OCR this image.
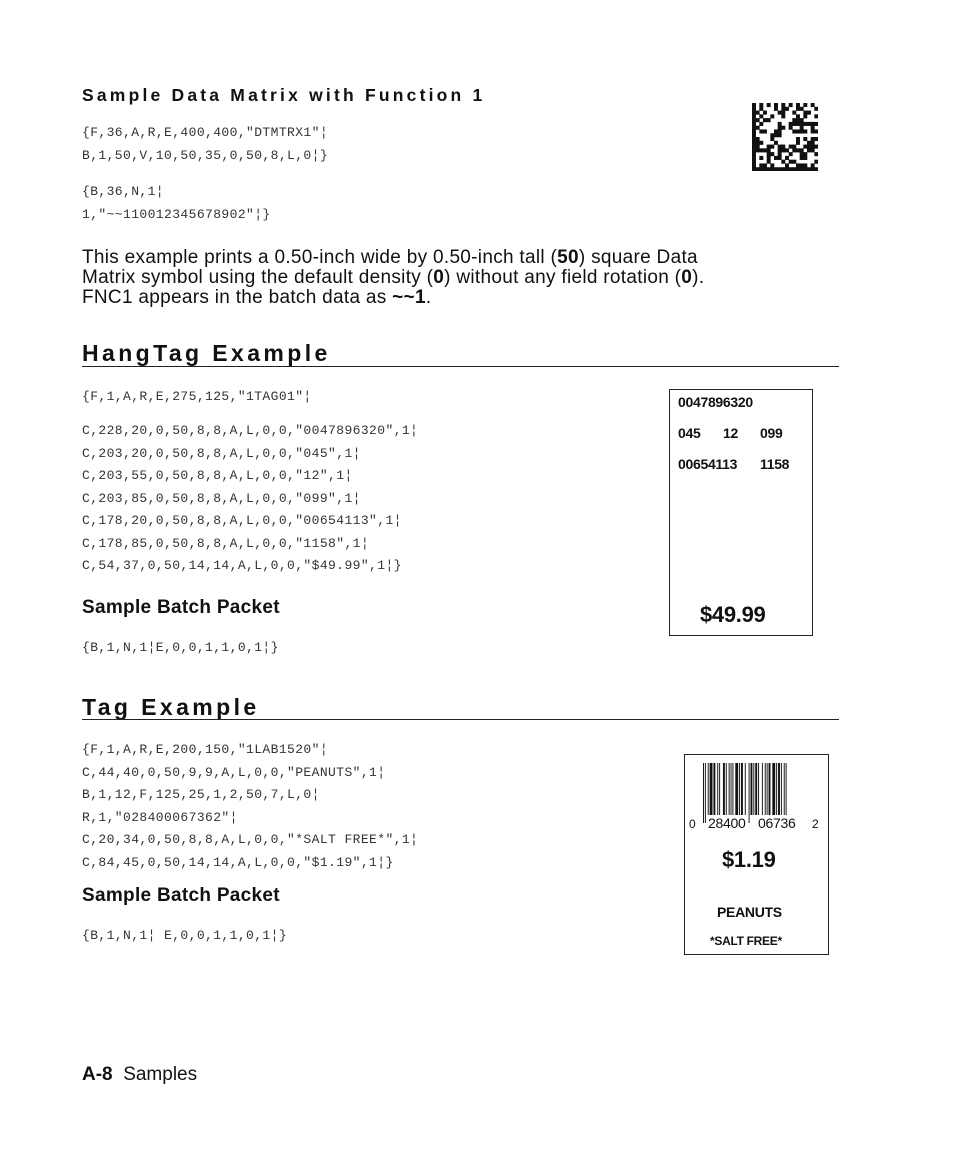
Sample Data Matrix with Function 1
{F,36,A,R,E,400,400,"DTMTRX1"¦
B,1,50,V,10,50,35,0,50,8,L,0¦}
{B,36,N,1¦
1,"~~110012345678902"¦}
This example prints a 0.50-inch wide by 0.50-inch tall (50) square Data
Matrix symbol using the default density (0) without any field rotation (0).
FNC1 appears in the batch data as ~~1.
HangTag Example
{F,1,A,R,E,275,125,"1TAG01"¦
C,228,20,0,50,8,8,A,L,0,0,"0047896320",1¦
C,203,20,0,50,8,8,A,L,0,0,"045",1¦
C,203,55,0,50,8,8,A,L,0,0,"12",1¦
C,203,85,0,50,8,8,A,L,0,0,"099",1¦
C,178,20,0,50,8,8,A,L,0,0,"00654113",1¦
C,178,85,0,50,8,8,A,L,0,0,"1158",1¦
C,54,37,0,50,14,14,A,L,0,0,"$49.99",1¦}
Sample Batch Packet
{B,1,N,1¦E,0,0,1,1,0,1¦}
0047896320
045 12 099
00654113 1158
$49.99
Tag Example
{F,1,A,R,E,200,150,"1LAB1520"¦
C,44,40,0,50,9,9,A,L,0,0,"PEANUTS",1¦
B,1,12,F,125,25,1,2,50,7,L,0¦
R,1,"028400067362"¦
C,20,34,0,50,8,8,A,L,0,0,"*SALT FREE*",1¦
C,84,45,0,50,14,14,A,L,0,0,"$1.19",1¦}
Sample Batch Packet
{B,1,N,1¦ E,0,0,1,1,0,1¦}
0 28400 06736 2
$1.19
PEANUTS
*SALT FREE*
A-8 Samples
